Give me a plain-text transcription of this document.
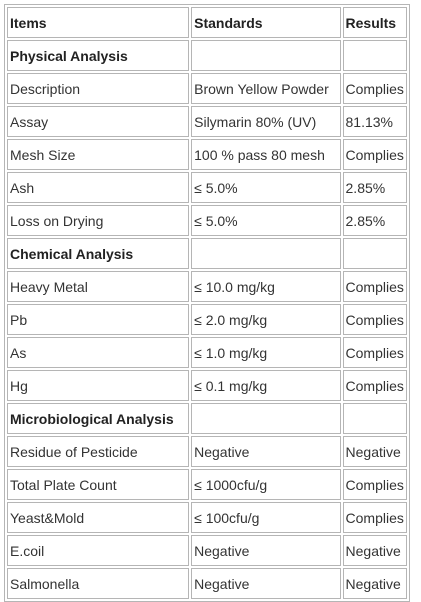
Items	Standards	Results
Physical Analysis		
Description	Brown Yellow Powder	Complies
Assay	Silymarin 80% (UV)	81.13%
Mesh Size	100 % pass 80 mesh	Complies
Ash	≤ 5.0%	2.85%
Loss on Drying	≤ 5.0%	2.85%
Chemical Analysis		
Heavy Metal	≤ 10.0 mg/kg	Complies
Pb	≤ 2.0 mg/kg	Complies
As	≤ 1.0 mg/kg	Complies
Hg	≤ 0.1 mg/kg	Complies
Microbiological Analysis		
Residue of Pesticide	Negative	Negative
Total Plate Count	≤ 1000cfu/g	Complies
Yeast&Mold	≤ 100cfu/g	Complies
E.coil	Negative	Negative
Salmonella	Negative	Negative
